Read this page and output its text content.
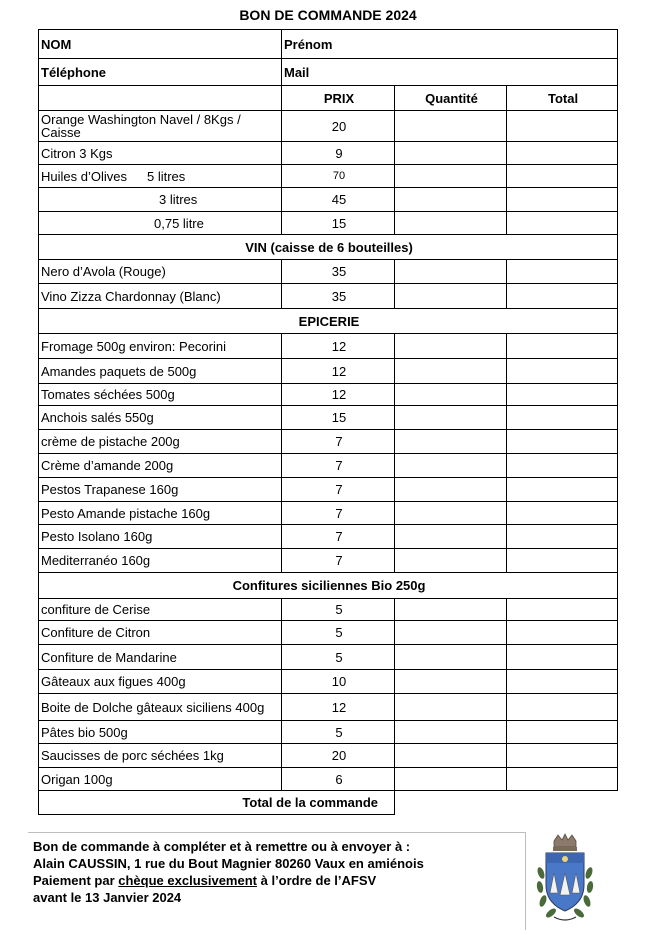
BON DE COMMANDE 2024
NOM	Prénom		
Téléphone	Mail		
	PRIX	Quantité	Total
Orange Washington Navel / 8Kgs / Caisse	20		
Citron 3 Kgs	9		
Huiles d’Olives 5 litres	70		
3 litres	45		
0,75 litre	15		
VIN (caisse de 6 bouteilles)			
Nero d’Avola (Rouge)	35		
Vino Zizza Chardonnay (Blanc)	35		
EPICERIE			
Fromage 500g environ: Pecorini	12		
Amandes paquets de 500g	12		
Tomates séchées 500g	12		
Anchois salés 550g	15		
crème de pistache 200g	7		
Crème d’amande 200g	7		
Pestos Trapanese 160g	7		
Pesto Amande pistache 160g	7		
Pesto Isolano 160g	7		
Mediterranéo 160g	7		
Confitures siciliennes Bio 250g			
confiture de Cerise	5		
Confiture de Citron	5		
Confiture de Mandarine	5		
Gâteaux aux figues 400g	10		
Boite de Dolche gâteaux siciliens 400g	12		
Pâtes bio 500g	5		
Saucisses de porc séchées 1kg	20		
Origan 100g	6		
Total de la commande			
Bon de commande à compléter et à remettre ou à envoyer à :
Alain CAUSSIN, 1 rue du Bout Magnier 80260 Vaux en amiénois
Paiement par chèque exclusivement à l’ordre de l’AFSV
avant le 13 Janvier 2024
